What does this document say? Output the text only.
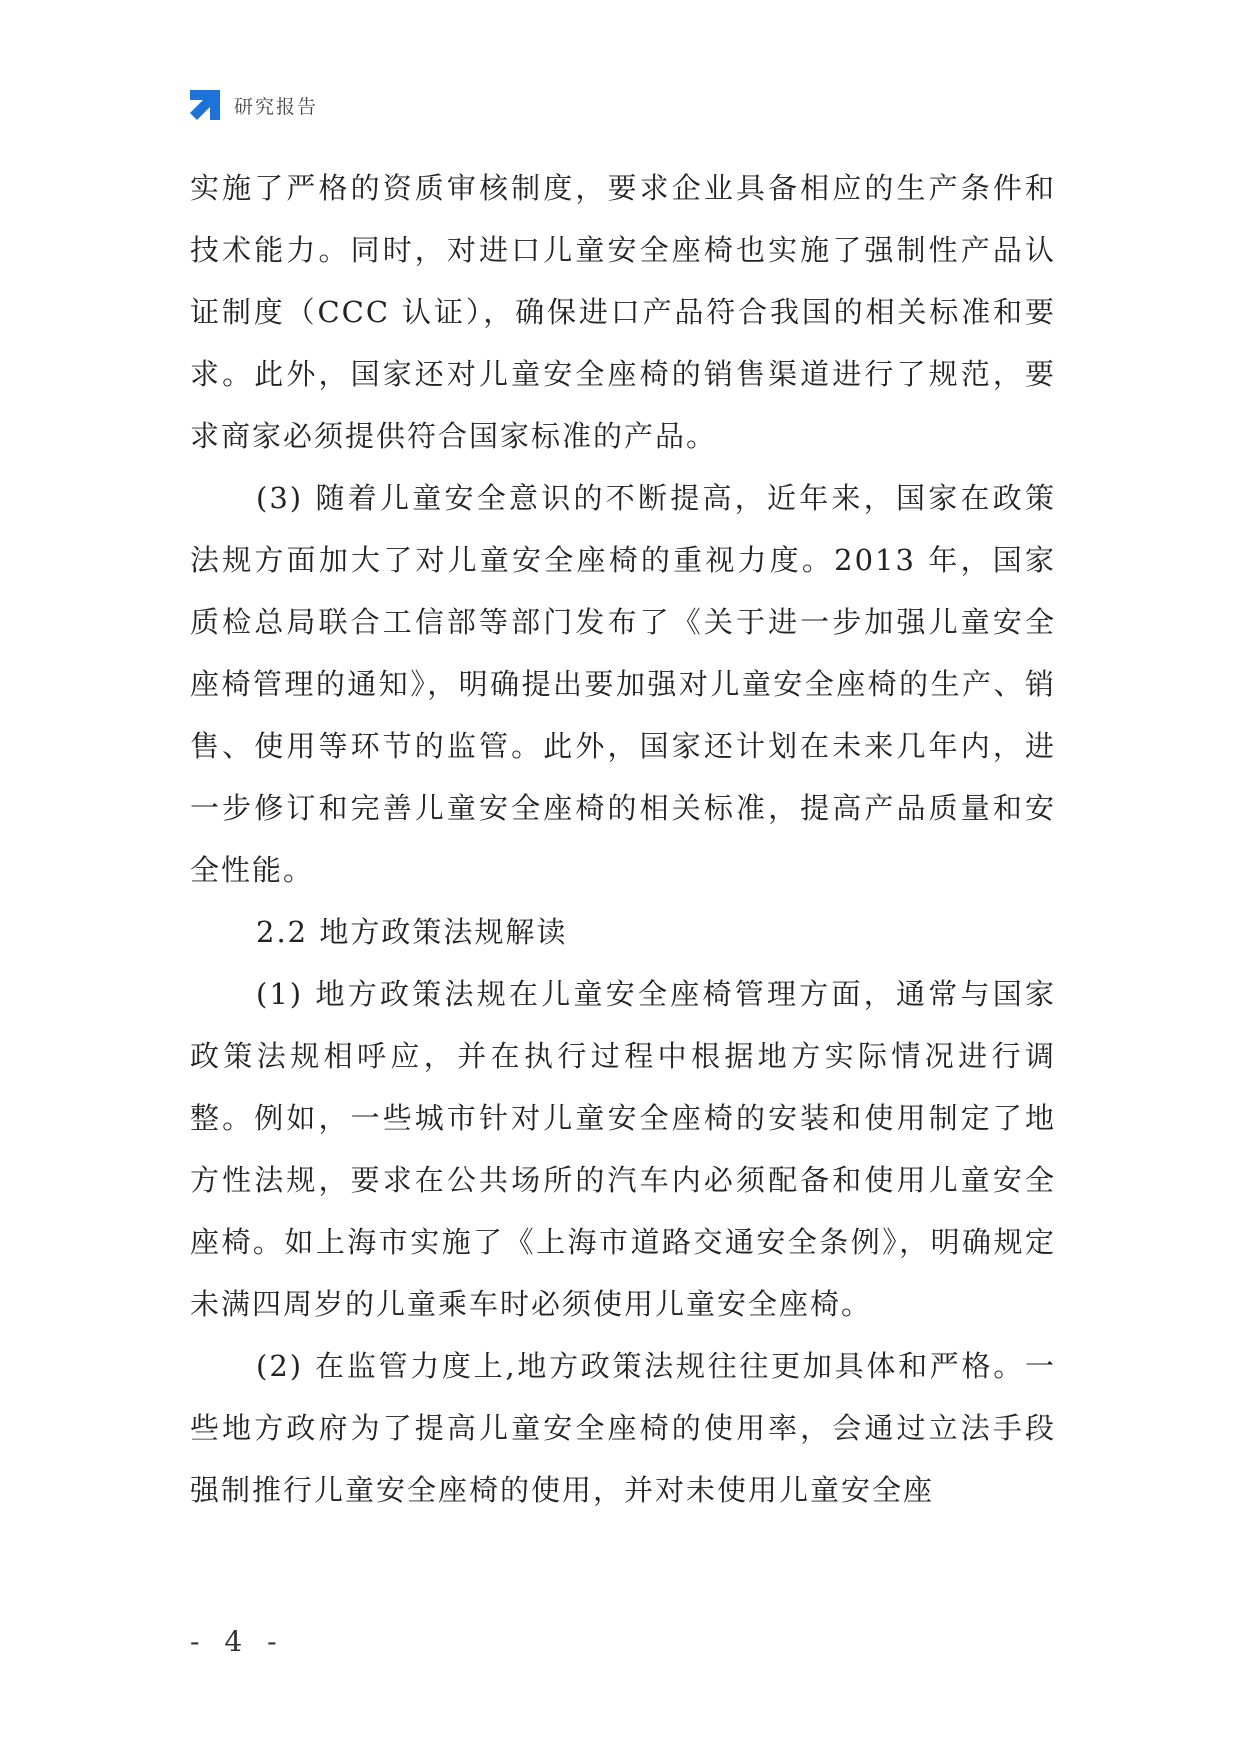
研究报告

实施了严格的资质审核制度，要求企业具备相应的生产条件和技术能力。同时，对进口儿童安全座椅也实施了强制性产品认证制度（CCC 认证），确保进口产品符合我国的相关标准和要求。此外，国家还对儿童安全座椅的销售渠道进行了规范，要求商家必须提供符合国家标准的产品。

(3) 随着儿童安全意识的不断提高，近年来，国家在政策法规方面加大了对儿童安全座椅的重视力度。2013 年，国家质检总局联合工信部等部门发布了《关于进一步加强儿童安全座椅管理的通知》，明确提出要加强对儿童安全座椅的生产、销售、使用等环节的监管。此外，国家还计划在未来几年内，进一步修订和完善儿童安全座椅的相关标准，提高产品质量和安全性能。

2.2 地方政策法规解读

(1) 地方政策法规在儿童安全座椅管理方面，通常与国家政策法规相呼应，并在执行过程中根据地方实际情况进行调整。例如，一些城市针对儿童安全座椅的安装和使用制定了地方性法规，要求在公共场所的汽车内必须配备和使用儿童安全座椅。如上海市实施了《上海市道路交通安全条例》，明确规定未满四周岁的儿童乘车时必须使用儿童安全座椅。

(2) 在监管力度上,地方政策法规往往更加具体和严格。一些地方政府为了提高儿童安全座椅的使用率，会通过立法手段强制推行儿童安全座椅的使用，并对未使用儿童安全座

- 4 -
